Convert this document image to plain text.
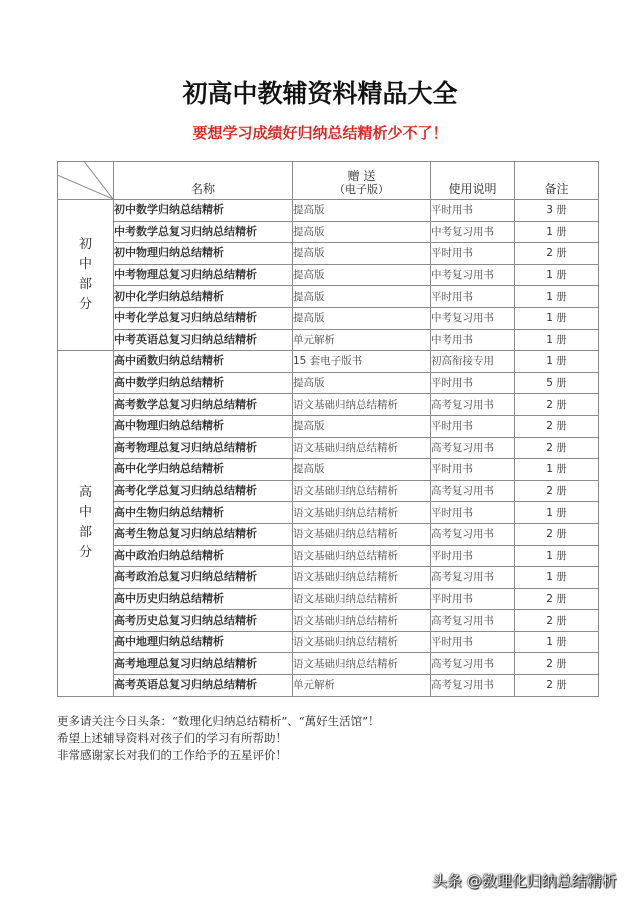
初高中教辅资料精品大全
要想学习成绩好归纳总结精析少不了！
	名称	赠 送
（电子版）	使用说明	备注
初中部分	初中数学归纳总结精析	提高版	平时用书	3 册
	中考数学总复习归纳总结精析	提高版	中考复习用书	1 册
	初中物理归纳总结精析	提高版	平时用书	2 册
	中考物理总复习归纳总结精析	提高版	中考复习用书	1 册
	初中化学归纳总结精析	提高版	平时用书	1 册
	中考化学总复习归纳总结精析	提高版	中考复习用书	1 册
	中考英语总复习归纳总结精析	单元解析	中考用书	1 册
高中部分	高中函数归纳总结精析	15 套电子版书	初高衔接专用	1 册
	高中数学归纳总结精析	提高版	平时用书	5 册
	高考数学总复习归纳总结精析	语文基础归纳总结精析	高考复习用书	2 册
	高中物理归纳总结精析	提高版	平时用书	2 册
	高考物理总复习归纳总结精析	语文基础归纳总结精析	高考复习用书	2 册
	高中化学归纳总结精析	提高版	平时用书	1 册
	高考化学总复习归纳总结精析	语文基础归纳总结精析	高考复习用书	2 册
	高中生物归纳总结精析	语文基础归纳总结精析	平时用书	1 册
	高考生物总复习归纳总结精析	语文基础归纳总结精析	高考复习用书	2 册
	高中政治归纳总结精析	语文基础归纳总结精析	平时用书	1 册
	高考政治总复习归纳总结精析	语文基础归纳总结精析	高考复习用书	1 册
	高中历史归纳总结精析	语文基础归纳总结精析	平时用书	2 册
	高考历史总复习归纳总结精析	语文基础归纳总结精析	高考复习用书	2 册
	高中地理归纳总结精析	语文基础归纳总结精析	平时用书	1 册
	高考地理总复习归纳总结精析	语文基础归纳总结精析	高考复习用书	2 册
	高考英语总复习归纳总结精析	单元解析	高考复习用书	2 册
更多请关注今日头条：“数理化归纳总结精析”、“萬好生活馆”！
希望上述辅导资料对孩子们的学习有所帮助！
非常感谢家长对我们的工作给予的五星评价！
头条 @数理化归纳总结精析
